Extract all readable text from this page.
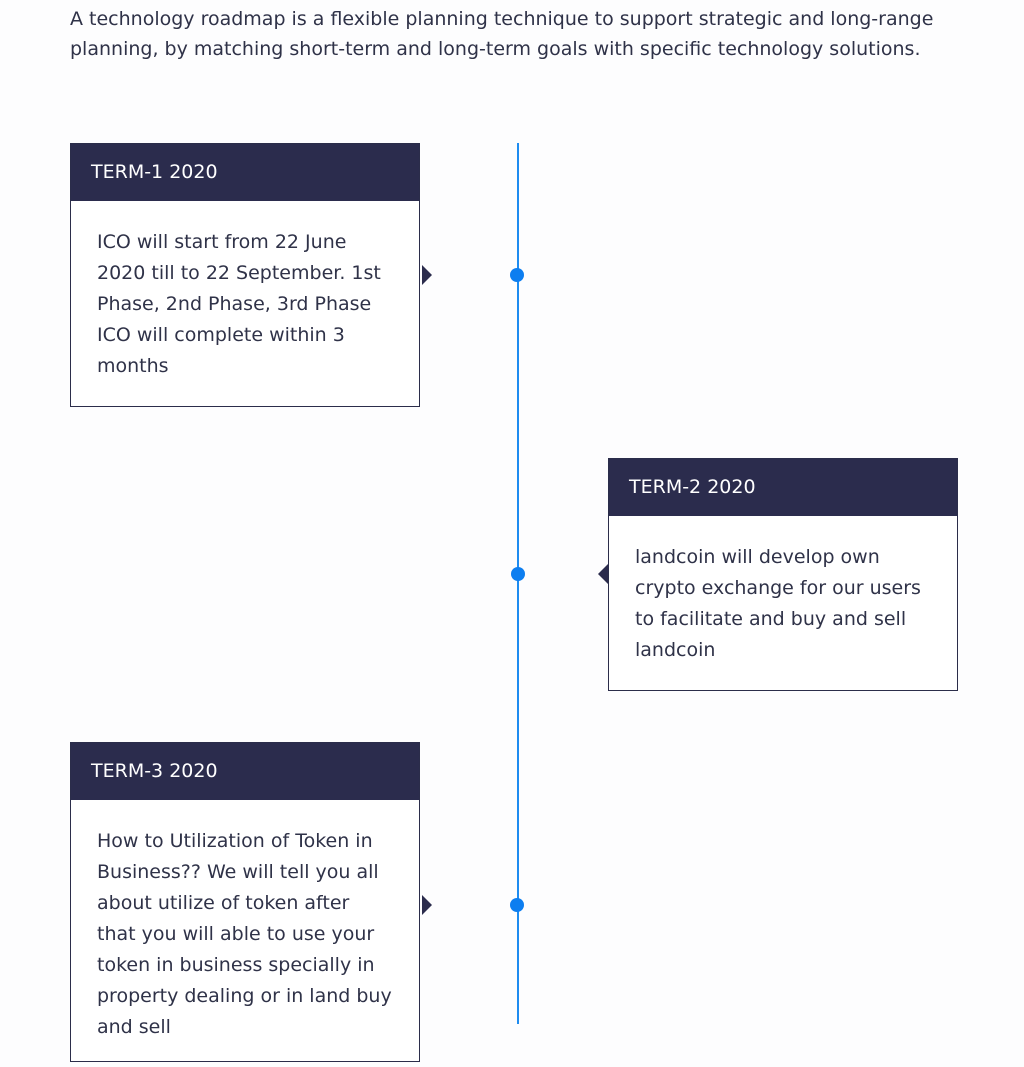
A technology roadmap is a flexible planning technique to support strategic and long-range planning, by matching short-term and long-term goals with specific technology solutions.

TERM-1 2020
ICO will start from 22 June 2020 till to 22 September. 1st Phase, 2nd Phase, 3rd Phase ICO will complete within 3 months
TERM-2 2020
landcoin will develop own crypto exchange for our users to facilitate and buy and sell landcoin
TERM-3 2020
How to Utilization of Token in Business?? We will tell you all about utilize of token after that you will able to use your token in business specially in property dealing or in land buy and sell
